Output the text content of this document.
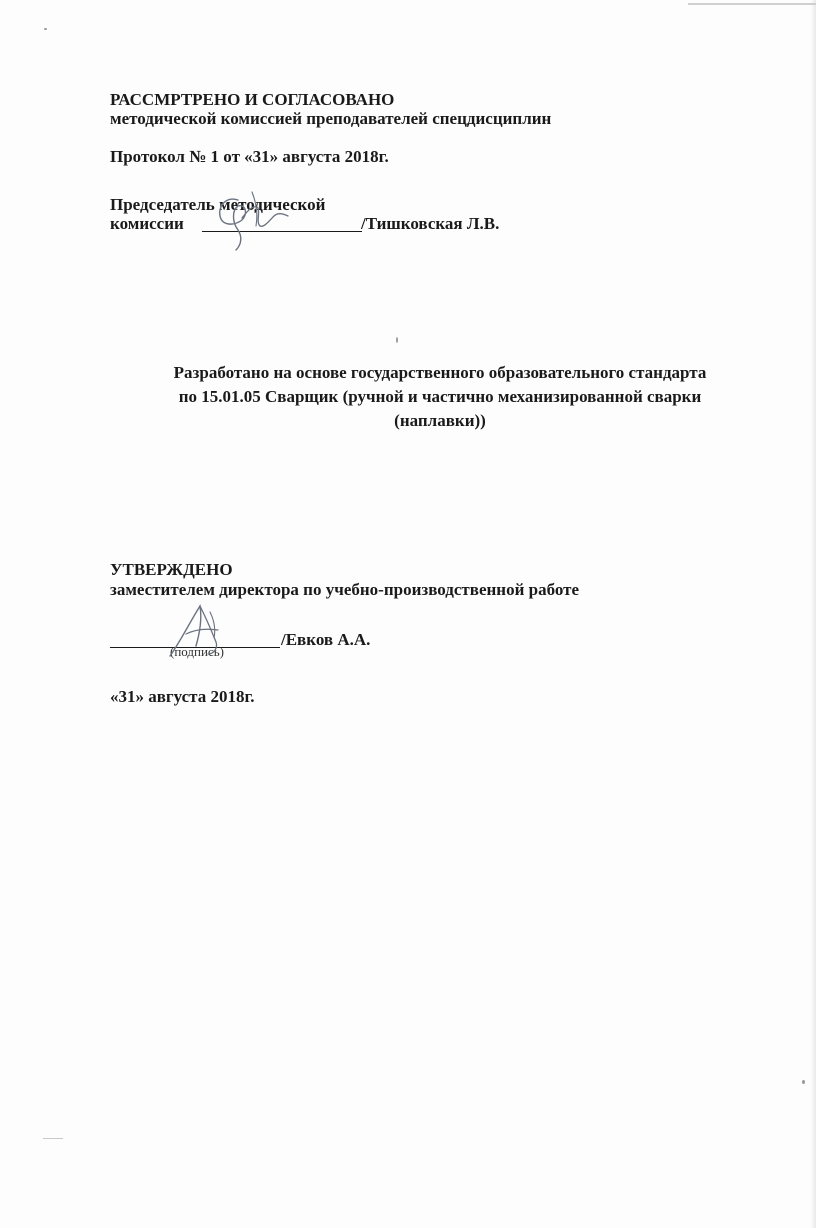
РАССМРТРЕНО И СОГЛАСОВАНО
методической комиссией преподавателей спецдисциплин
Протокол № 1 от «31» августа 2018г.
Председатель методической
комиссии	/Тишковская Л.В.
Разработано на основе государственного образовательного стандарта
по 15.01.05 Сварщик (ручной и частично механизированной сварки
(наплавки))
УТВЕРЖДЕНО
заместителем директора по учебно-производственной работе
/Евков А.А.
(подпись)
«31» августа 2018г.
